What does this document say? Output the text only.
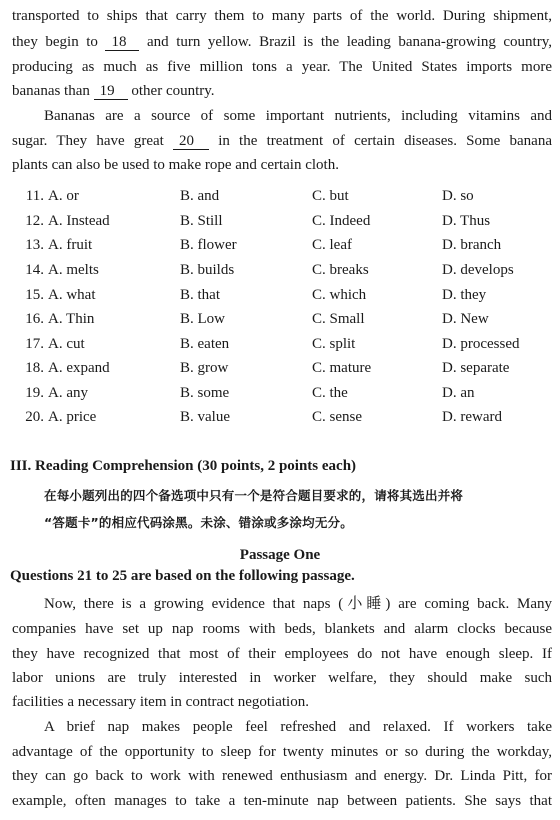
transported to ships that carry them to many parts of the world. During shipment,
they begin to 18 and turn yellow. Brazil is the leading banana-growing country,
producing as much as five million tons a year. The United States imports more
bananas than 19 other country.
Bananas are a source of some important nutrients, including vitamins and
sugar. They have great 20 in the treatment of certain diseases. Some banana
plants can also be used to make rope and certain cloth.
11. A. or	B. and	C. but	D. so
12. A. Instead	B. Still	C. Indeed	D. Thus
13. A. fruit	B. flower	C. leaf	D. branch
14. A. melts	B. builds	C. breaks	D. develops
15. A. what	B. that	C. which	D. they
16. A. Thin	B. Low	C. Small	D. New
17. A. cut	B. eaten	C. split	D. processed
18. A. expand	B. grow	C. mature	D. separate
19. A. any	B. some	C. the	D. an
20. A. price	B. value	C. sense	D. reward
III. Reading Comprehension (30 points, 2 points each)
在每小题列出的四个备选项中只有一个是符合题目要求的，请将其选出并将
“答题卡”的相应代码涂黑。未涂、错涂或多涂均无分。
Passage One
Questions 21 to 25 are based on the following passage.
Now, there is a growing evidence that naps (小睡) are coming back. Many
companies have set up nap rooms with beds, blankets and alarm clocks because
they have recognized that most of their employees do not have enough sleep. If
labor unions are truly interested in worker welfare, they should make such
facilities a necessary item in contract negotiation.
A brief nap makes people feel refreshed and relaxed. If workers take
advantage of the opportunity to sleep for twenty minutes or so during the workday,
they can go back to work with renewed enthusiasm and energy. Dr. Linda Pitt, for
example, often manages to take a ten-minute nap between patients. She says that
